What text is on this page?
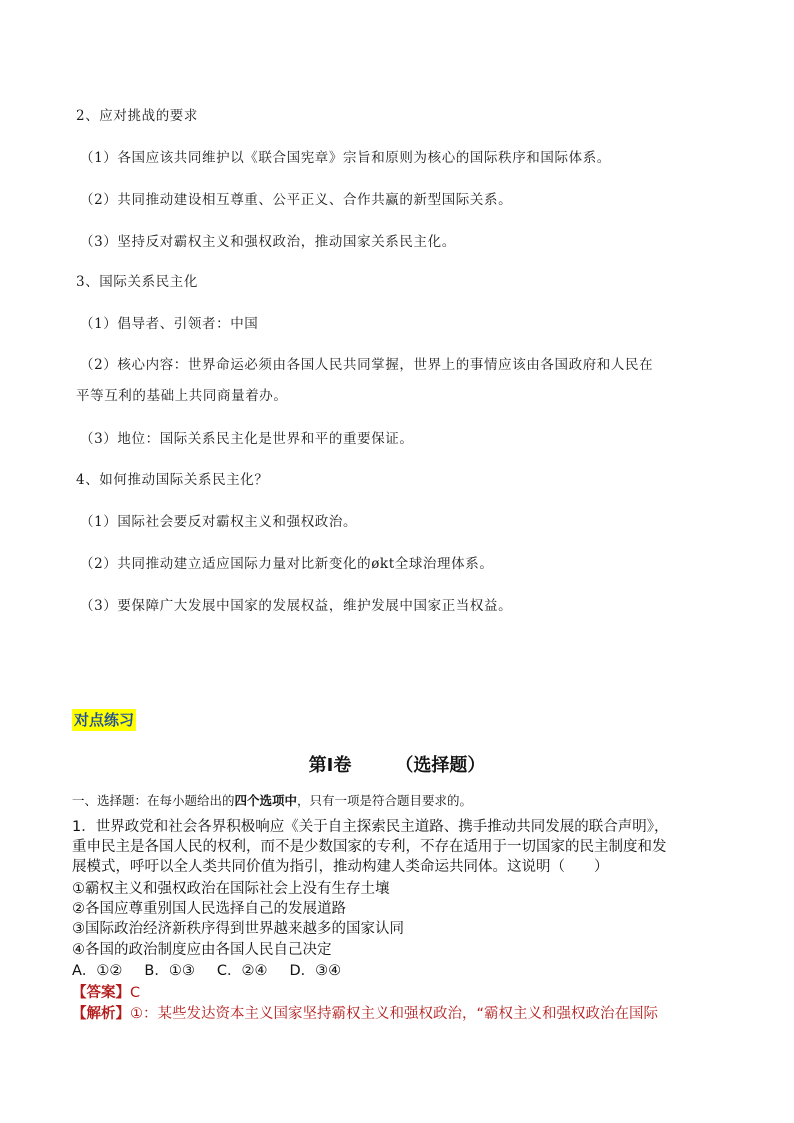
2、应对挑战的要求
（1）各国应该共同维护以《联合国宪章》宗旨和原则为核心的国际秩序和国际体系。
（2）共同推动建设相互尊重、公平正义、合作共赢的新型国际关系。
（3）坚持反对霸权主义和强权政治，推动国家关系民主化。
3、国际关系民主化
（1）倡导者、引领者：中国
（2）核心内容：世界命运必须由各国人民共同掌握，世界上的事情应该由各国政府和人民在
平等互利的基础上共同商量着办。
（3）地位：国际关系民主化是世界和平的重要保证。
4、如何推动国际关系民主化？
（1）国际社会要反对霸权主义和强权政治。
（2）共同推动建立适应国际力量对比新变化的økt全球治理体系。
（3）要保障广大发展中国家的发展权益，维护发展中国家正当权益。
对点练习
第Ⅰ卷 （选择题）
一、选择题：在每小题给出的四个选项中，只有一项是符合题目要求的。
1．世界政党和社会各界积极响应《关于自主探索民主道路、携手推动共同发展的联合声明》，
重申民主是各国人民的权利，而不是少数国家的专利，不存在适用于一切国家的民主制度和发
展模式，呼吁以全人类共同价值为指引，推动构建人类命运共同体。这说明（　　）
①霸权主义和强权政治在国际社会上没有生存土壤
②各国应尊重别国人民选择自己的发展道路
③国际政治经济新秩序得到世界越来越多的国家认同
④各国的政治制度应由各国人民自己决定
A．①② B．①③ C．②④ D．③④
【答案】C
【解析】①：某些发达资本主义国家坚持霸权主义和强权政治，“霸权主义和强权政治在国际
